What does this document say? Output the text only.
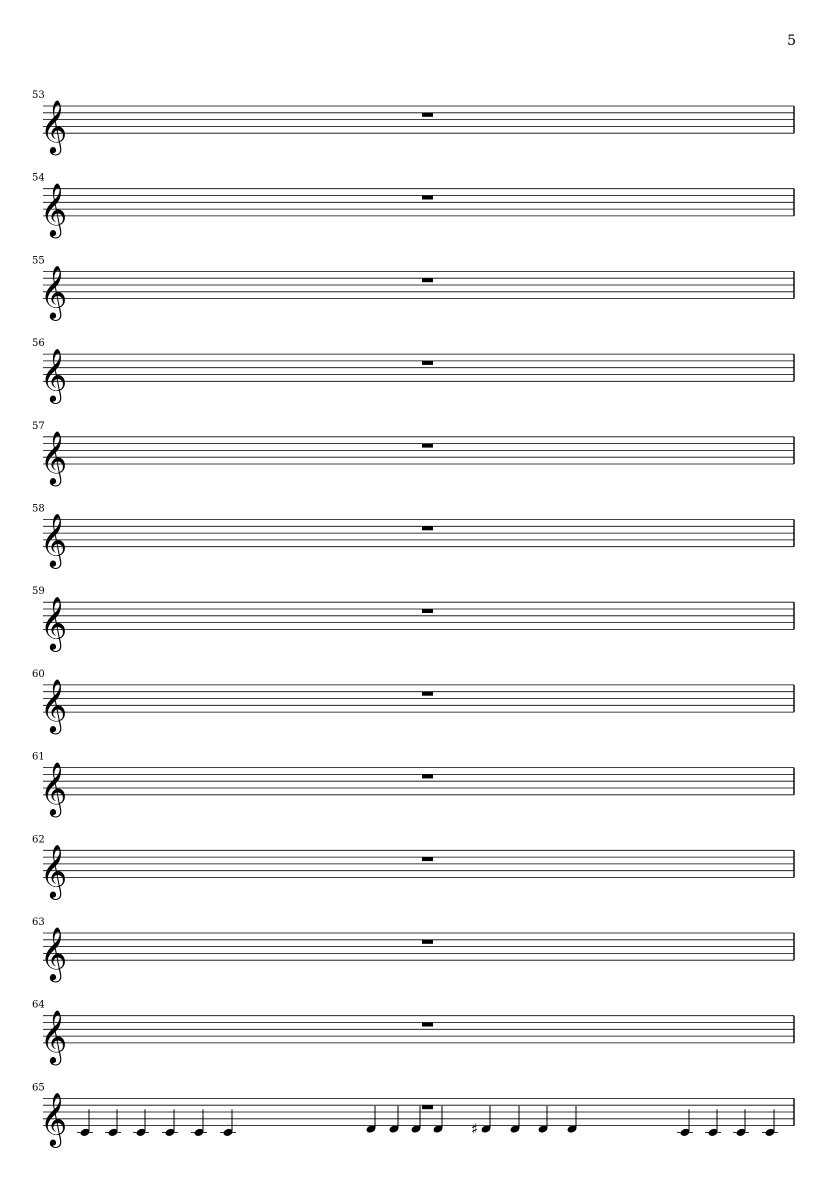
5
53
𝄞
54
𝄞
55
𝄞
56
𝄞
57
𝄞
58
𝄞
59
𝄞
60
𝄞
61
𝄞
62
𝄞
63
𝄞
64
𝄞
65
𝄞	♯
